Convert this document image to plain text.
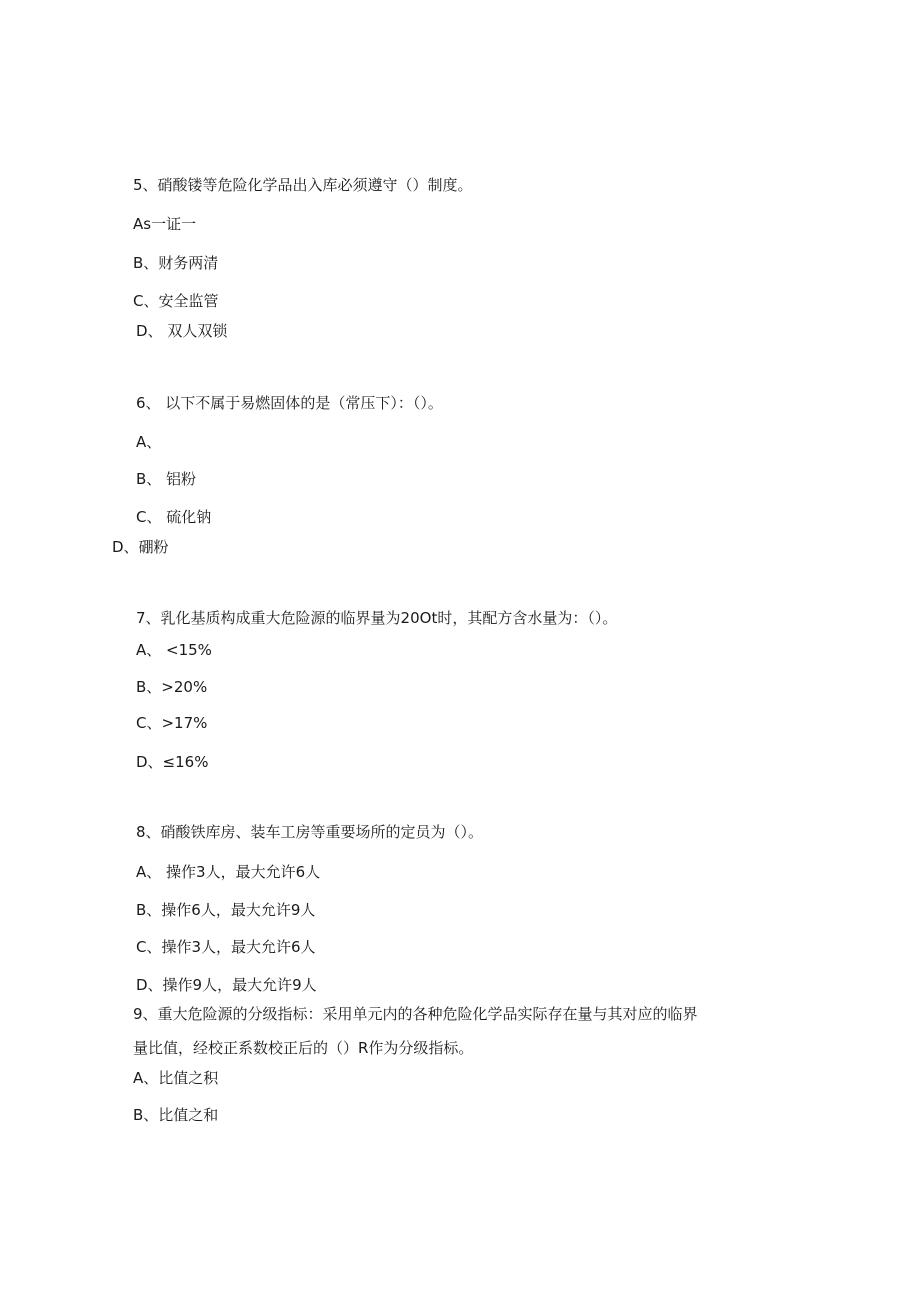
5、硝酸镂等危险化学品出入库必须遵守（）制度。
As一证一
B、财务两清
C、安全监管
D、 双人双锁
6、 以下不属于易燃固体的是（常压下）：（）。
A、
B、 铝粉
C、 硫化钠
D、硼粉
7、乳化基质构成重大危险源的临界量为20Ot时，其配方含水量为：（）。
A、 <15%
B、>20%
C、>17%
D、≤16%
8、硝酸铁库房、装车工房等重要场所的定员为（）。
A、 操作3人，最大允许6人
B、操作6人，最大允许9人
C、操作3人，最大允许6人
D、操作9人，最大允许9人
9、重大危险源的分级指标：采用单元内的各种危险化学品实际存在量与其对应的临界
量比值，经校正系数校正后的（）R作为分级指标。
A、比值之积
B、比值之和
